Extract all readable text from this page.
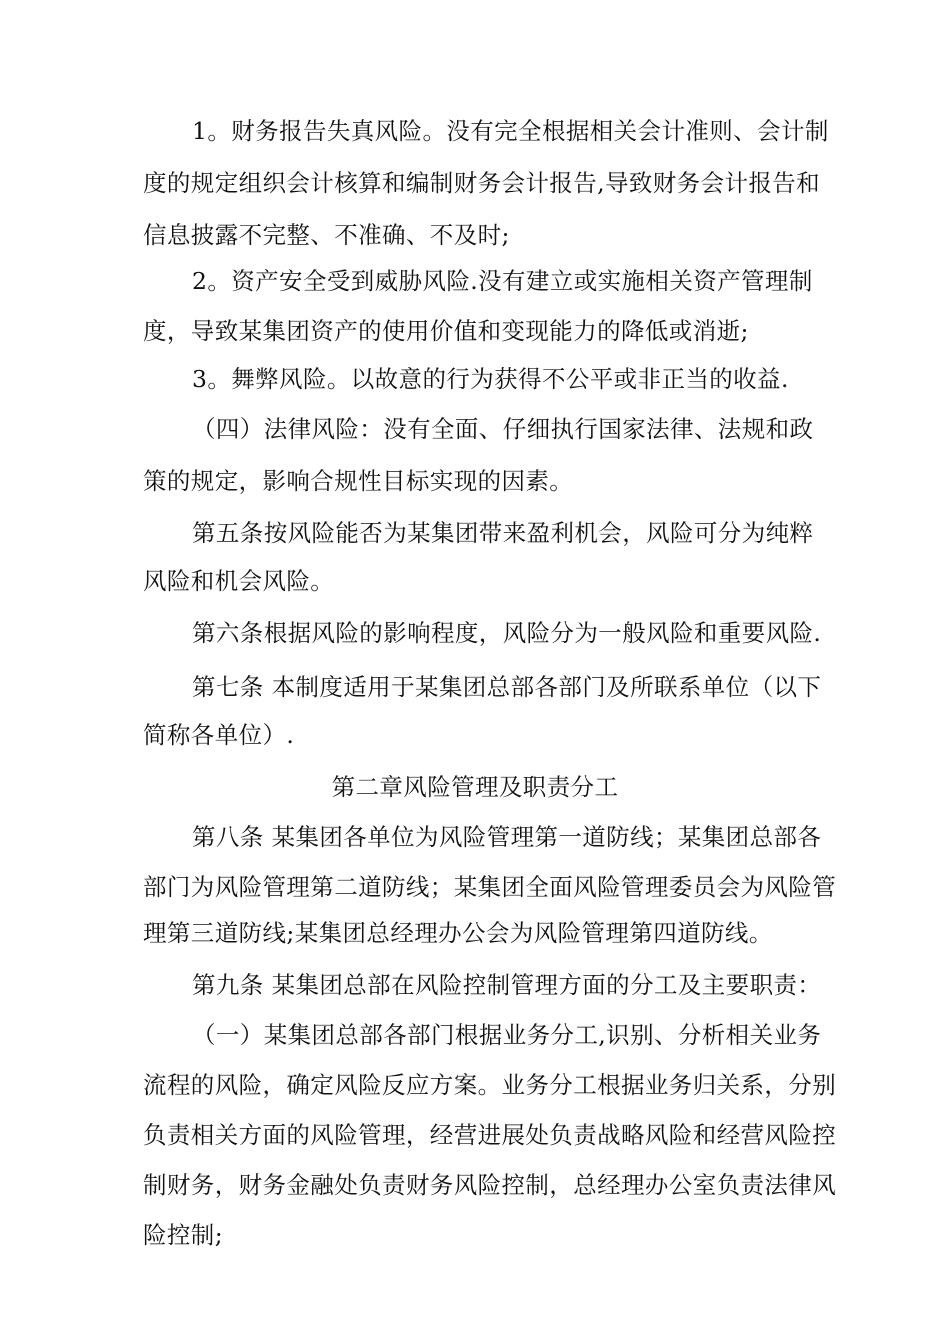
1。财务报告失真风险。没有完全根据相关会计准则、会计制
度的规定组织会计核算和编制财务会计报告,导致财务会计报告和
信息披露不完整、不准确、不及时;
2。资产安全受到威胁风险.没有建立或实施相关资产管理制
度，导致某集团资产的使用价值和变现能力的降低或消逝;
3。舞弊风险。以故意的行为获得不公平或非正当的收益.
（四）法律风险：没有全面、仔细执行国家法律、法规和政
策的规定，影响合规性目标实现的因素。
第五条按风险能否为某集团带来盈利机会，风险可分为纯粹
风险和机会风险。
第六条根据风险的影响程度，风险分为一般风险和重要风险.
第七条 本制度适用于某集团总部各部门及所联系单位（以下
简称各单位）.
第二章风险管理及职责分工
第八条 某集团各单位为风险管理第一道防线；某集团总部各
部门为风险管理第二道防线；某集团全面风险管理委员会为风险管
理第三道防线;某集团总经理办公会为风险管理第四道防线。
第九条 某集团总部在风险控制管理方面的分工及主要职责：
（一）某集团总部各部门根据业务分工,识别、分析相关业务
流程的风险，确定风险反应方案。业务分工根据业务归关系，分别
负责相关方面的风险管理，经营进展处负责战略风险和经营风险控
制财务，财务金融处负责财务风险控制，总经理办公室负责法律风
险控制;
